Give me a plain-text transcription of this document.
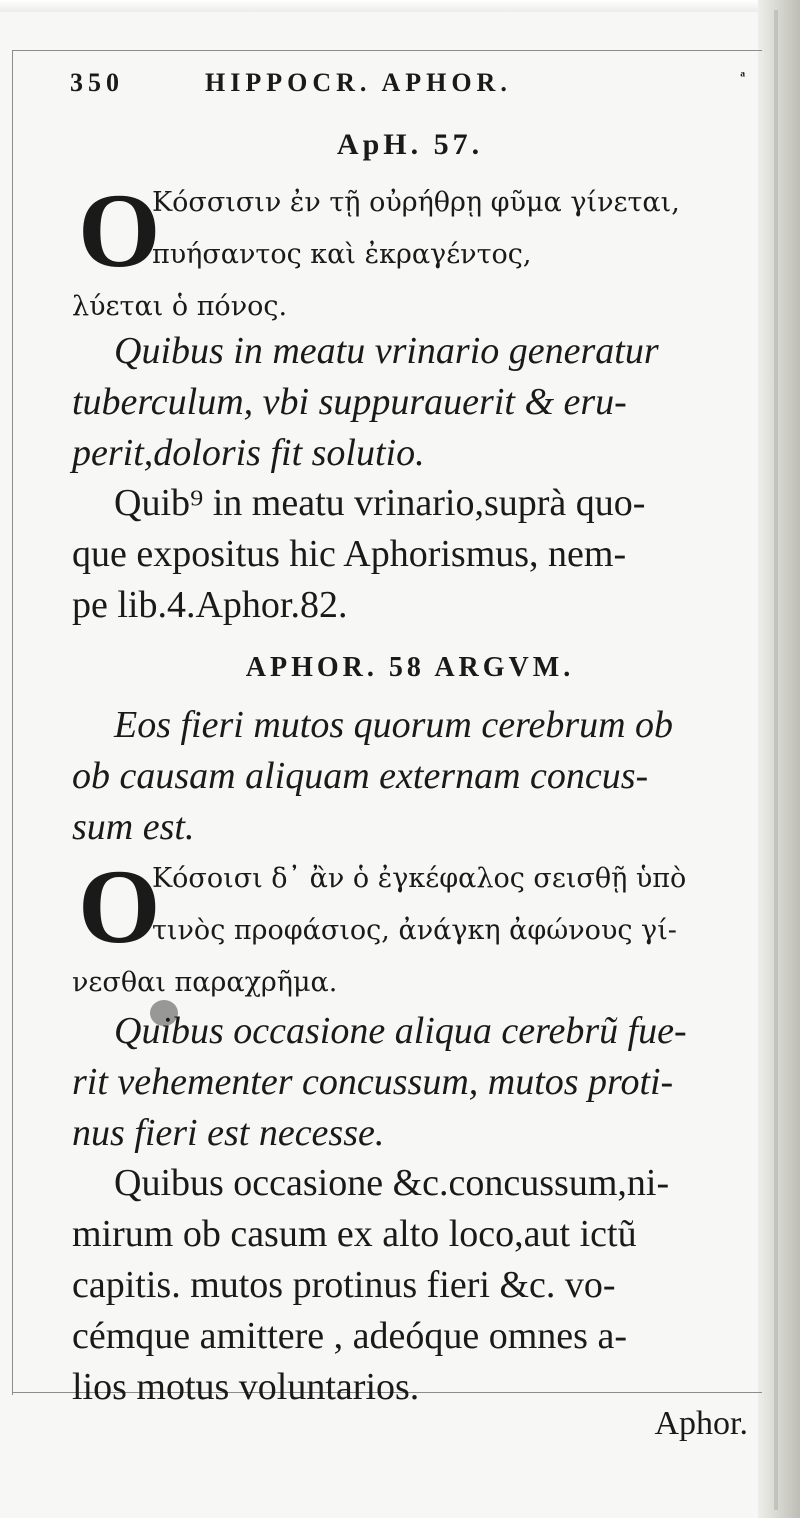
350	HIPPOCR. APHOR.	ᵃ
ApH. 57.
O
Κόσσισιν ἐν τῇ οὐρήθρῃ φῦμα γίνεται,
πυήσαντος καὶ ἐκραγέντος,
λύεται ὁ πόνος.
Quibus in meatu vrinario generatur
tuberculum, vbi suppurauerit & eru-
perit,doloris fit solutio.
Quib⁹ in meatu vrinario,suprà quo-
que expositus hic Aphorismus, nem-
pe lib.4.Aphor.82.
APHOR. 58 ARGVM.
Eos fieri mutos quorum cerebrum ob
ob causam aliquam externam concus-
sum est.
O
Κόσοισι δ᾽ ἂν ὁ ἐγκέφαλος σεισθῇ ὑπὸ
τινὸς προφάσιος, ἀνάγκη ἀφώνους γί-
νεσθαι παραχρῆμα.
Quibus occasione aliqua cerebrũ fue-
rit vehementer concussum, mutos proti-
nus fieri est necesse.
Quibus occasione &c.concussum,ni-
mirum ob casum ex alto loco,aut ictũ
capitis. mutos protinus fieri &c. vo-
cémque amittere , adeóque omnes a-
lios motus voluntarios.
Aphor.
